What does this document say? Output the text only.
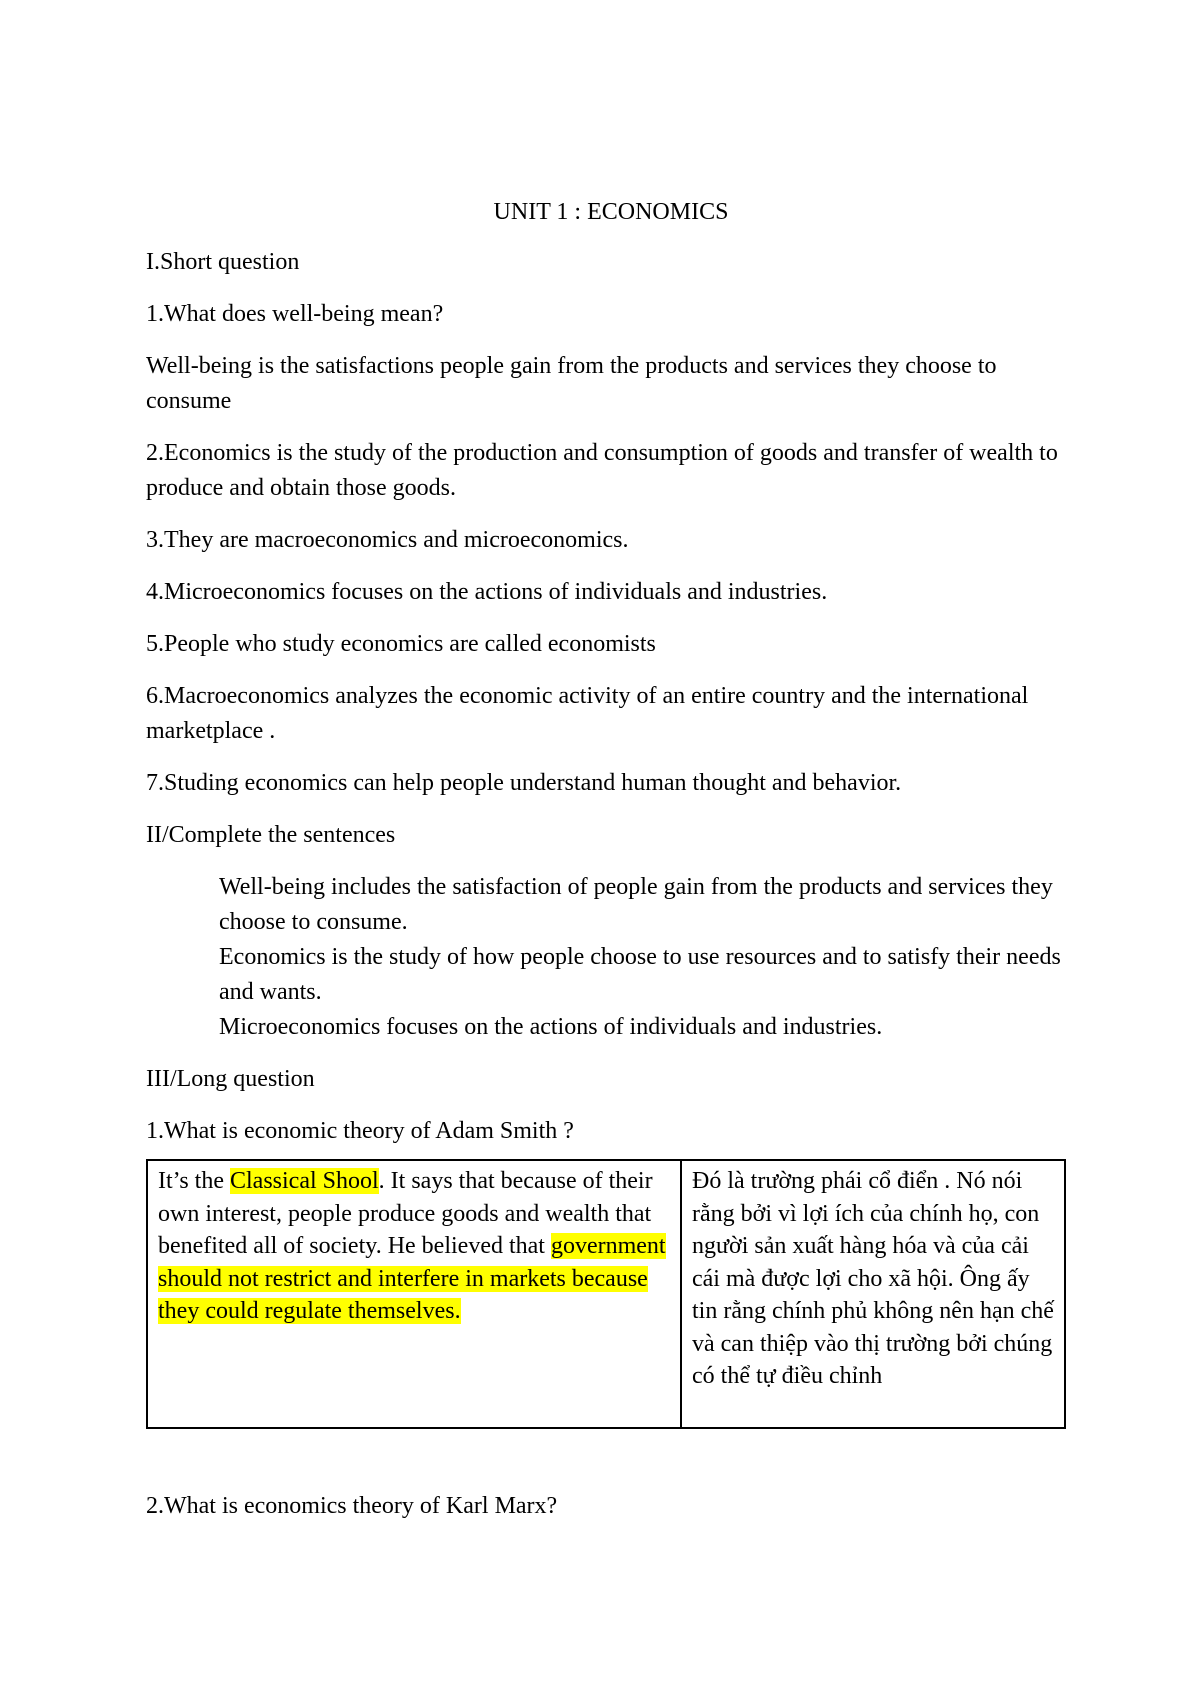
UNIT 1 : ECONOMICS

I.Short question

1.What does well-being mean?

Well-being is the satisfactions people gain from the products and services they choose to consume

2.Economics is the study of the production and consumption of goods and transfer of wealth to produce and obtain those goods.

3.They are macroeconomics and microeconomics.

4.Microeconomics focuses on the actions of individuals and industries.

5.People who study economics are called economists

6.Macroeconomics analyzes the economic activity of an entire country and the international marketplace .

7.Studing economics can help people understand human thought and behavior.

II/Complete the sentences

Well-being includes the satisfaction of people gain from the products and services they choose to consume.
Economics is the study of how people choose to use resources and to satisfy their needs and wants.
Microeconomics focuses on the actions of individuals and industries.

III/Long question

1.What is economic theory of Adam Smith ?

It’s the Classical Shool. It says that because of their own interest, people produce goods and wealth that benefited all of society. He believed that government should not restrict and interfere in markets because they could regulate themselves.	Đó là trường phái cổ điển . Nó nói rằng bởi vì lợi ích của chính họ, con người sản xuất hàng hóa và của cải cái mà được lợi cho xã hội. Ông ấy tin rằng chính phủ không nên hạn chế và can thiệp vào thị trường bởi chúng có thể tự điều chỉnh

2.What is economics theory of Karl Marx?
